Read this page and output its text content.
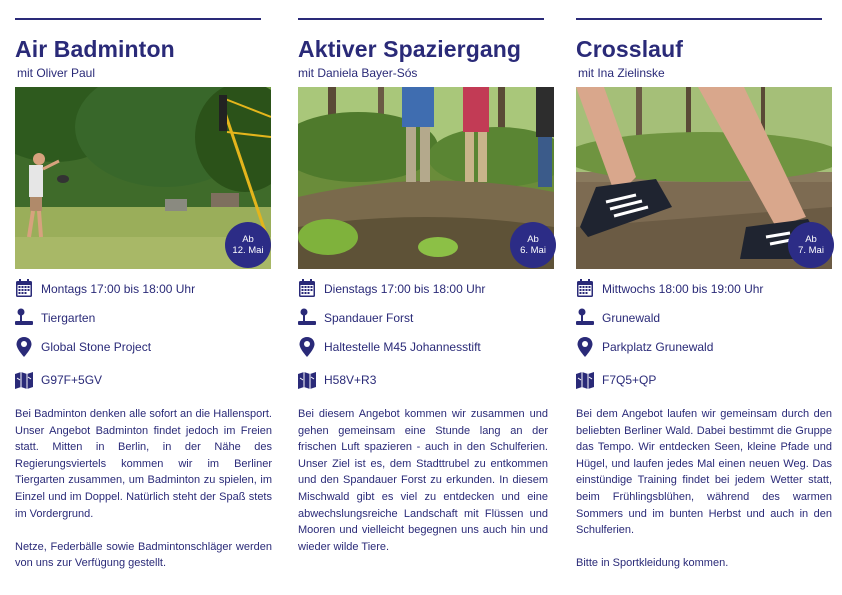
Air Badminton
mit Oliver Paul
Ab
12. Mai
Montags 17:00 bis 18:00 Uhr
Tiergarten
Global Stone Project
G97F+5GV

Bei Badminton denken alle sofort an die Hallensport. Unser Angebot Badminton findet jedoch im Freien statt. Mitten in Berlin, in der Nähe des Regierungsviertels kommen wir im Berliner Tiergarten zusammen, um Badminton zu spielen, im Einzel und im Doppel. Natürlich steht der Spaß stets im Vordergrund.

Netze, Federbälle sowie Badmintonschläger werden von uns zur Verfügung gestellt.

Aktiver Spaziergang
mit Daniela Bayer-Sós
Ab
6. Mai
Dienstags 17:00 bis 18:00 Uhr
Spandauer Forst
Haltestelle M45 Johannesstift
H58V+R3

Bei diesem Angebot kommen wir zusammen und gehen gemeinsam eine Stunde lang an der frischen Luft spazieren - auch in den Schulferien. Unser Ziel ist es, dem Stadttrubel zu entkommen und den Spandauer Forst zu erkunden. In diesem Mischwald gibt es viel zu entdecken und eine abwechslungsreiche Landschaft mit Flüssen und Mooren und vielleicht begegnen uns auch hin und wieder wilde Tiere.

Crosslauf
mit Ina Zielinske
Ab
7. Mai
Mittwochs 18:00 bis 19:00 Uhr
Grunewald
Parkplatz Grunewald
F7Q5+QP

Bei dem Angebot laufen wir gemeinsam durch den beliebten Berliner Wald. Dabei bestimmt die Gruppe das Tempo. Wir entdecken Seen, kleine Pfade und Hügel, und laufen jedes Mal einen neuen Weg. Das einstündige Training findet bei jedem Wetter statt, beim Frühlingsblühen, während des warmen Sommers und im bunten Herbst und auch in den Schulferien.

Bitte in Sportkleidung kommen.
